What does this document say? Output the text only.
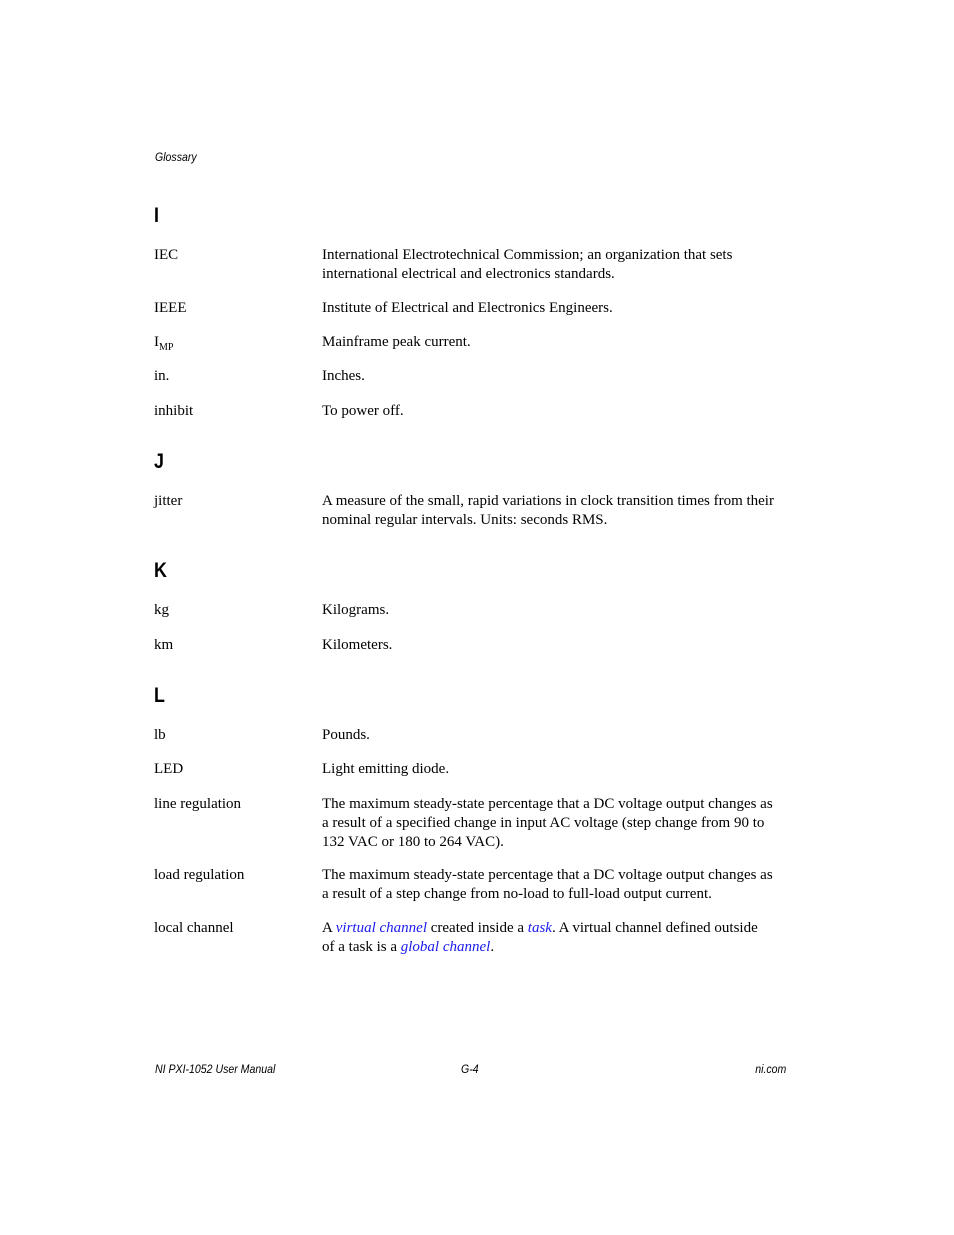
Glossary
I
IEC	International Electrotechnical Commission; an organization that sets
international electrical and electronics standards.
IEEE	Institute of Electrical and Electronics Engineers.
$I_{MP}$	Mainframe peak current.
in.	Inches.
inhibit	To power off.
J
jitter	A measure of the small, rapid variations in clock transition times from their
nominal regular intervals. Units: seconds RMS.
K
kg	Kilograms.
km	Kilometers.
L
lb	Pounds.
LED	Light emitting diode.
line regulation	The maximum steady-state percentage that a DC voltage output changes as
a result of a specified change in input AC voltage (step change from 90 to
132 VAC or 180 to 264 VAC).
load regulation	The maximum steady-state percentage that a DC voltage output changes as
a result of a step change from no-load to full-load output current.
local channel	A virtual channel created inside a task. A virtual channel defined outside
of a task is a global channel.
NI PXI-1052 User Manual	G-4	ni.com
